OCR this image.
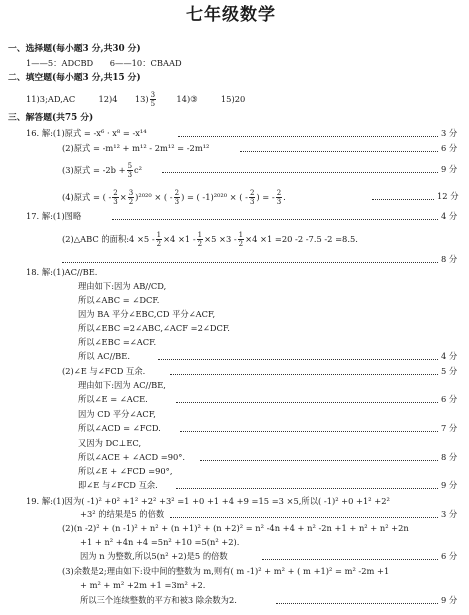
七年级数学
一、选择题(每小题3 分,共30 分)
1——5：ADCBD　　6——10：CBAAD
二、填空题(每小题3 分,共15 分)
11)3;AD,AC	12)4 $13) \frac{3}{5}$ 14)③	15)20
三、解答题(共75 分)
16. 解:(1)原式 = -x⁶ · x⁸ = -x¹⁴	3 分
(2)原式 = -m¹² + m¹² - 2m¹² = -2m¹²	6 分
(3)原式 = $-2b + \frac{5}{3} c^2$	9 分
(4)原式 = ( - $\frac{2}{3} \times \frac{3}{2} )^{2020}$ × ( - $\frac{2}{3}$ ) = ( -1)²⁰²⁰ × ( - $\frac{2}{3}$ ) = - $\frac{2}{3}$ .	12 分
17. 解:(1)图略	4 分
(2)△ABC 的面积:4 $\times 5 - \frac{1}{2} \times 4 \times 1 - \frac{1}{2} \times 5 \times 3 - \frac{1}{2} \times 4 \times 1 =20$ -2 -7.5 -2 =8.5.
8 分
18. 解:(1)AC//BE.
理由如下:因为 AB//CD,
所以∠ABC = ∠DCF.
因为 BA 平分∠EBC,CD 平分∠ACF,
所以∠EBC =2∠ABC,∠ACF =2∠DCF.
所以∠EBC =∠ACF.
所以 AC//BE.	4 分
(2)∠E 与∠FCD 互余.	5 分
理由如下:因为 AC//BE,
所以∠E = ∠ACE.	6 分
因为 CD 平分∠ACF,
所以∠ACD = ∠FCD.	7 分
又因为 DC⊥EC,
所以∠ACE + ∠ACD =90°.	8 分
所以∠E + ∠FCD =90°,
即∠E 与∠FCD 互余.	9 分
19. 解:(1)因为( -1)² +0² +1² +2² +3² =1 +0 +1 +4 +9 =15 =3 ×5,所以( -1)² +0 +1² +2²
+3² 的结果是5 的倍数	3 分
(2)(n -2)² + (n -1)² + n² + (n +1)² + (n +2)² = n² -4n +4 + n² -2n +1 + n² + n² +2n
+1 + n² +4n +4 =5n² +10 =5(n² +2).
因为 n 为整数,所以5(n² +2)是5 的倍数	6 分
(3)余数是2;理由如下:设中间的整数为 m,则有( m -1)² + m² + ( m +1)² = m² -2m +1
+ m² + m² +2m +1 =3m² +2.
所以三个连续整数的平方和被3 除余数为2.	9 分
